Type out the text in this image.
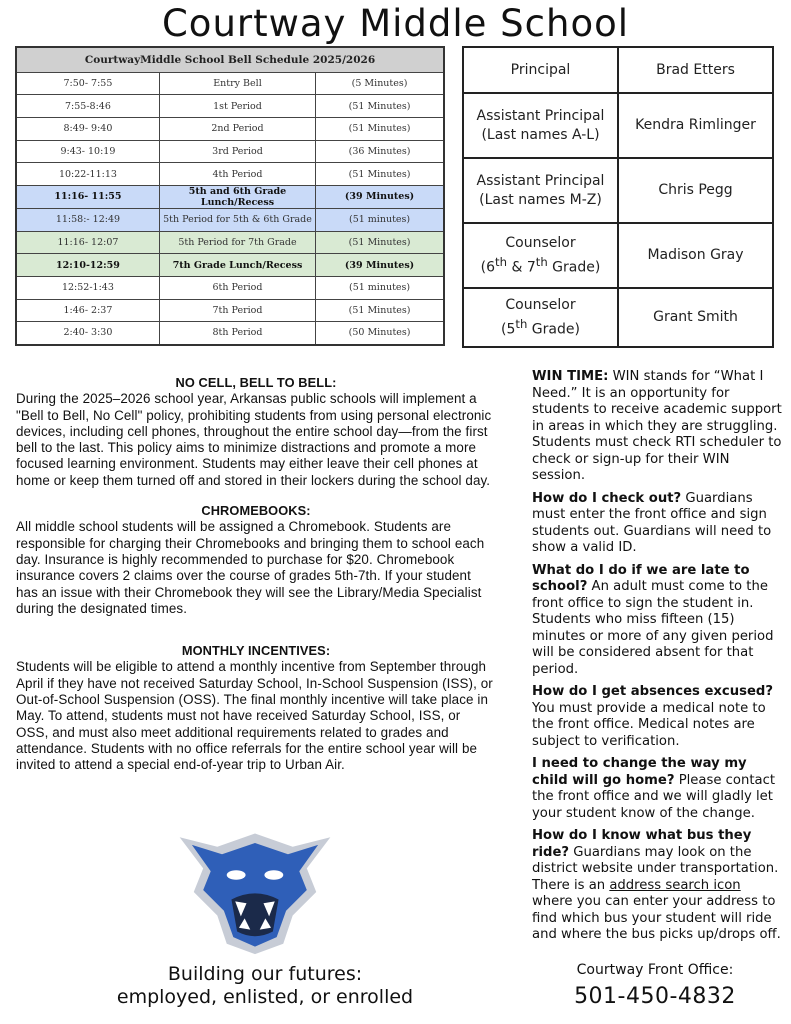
Courtway Middle School
CourtwayMiddle School Bell Schedule 2025/2026		
7:50- 7:55	Entry Bell	(5 Minutes)
7:55-8:46	1st Period	(51 Minutes)
8:49- 9:40	2nd Period	(51 Minutes)
9:43- 10:19	3rd Period	(36 Minutes)
10:22-11:13	4th Period	(51 Minutes)
11:16- 11:55	5th and 6th Grade Lunch/Recess	(39 Minutes)
11:58:- 12:49	5th Period for 5th & 6th Grade	(51 minutes)
11:16- 12:07	5th Period for 7th Grade	(51 Minutes)
12:10-12:59	7th Grade Lunch/Recess	(39 Minutes)
12:52-1:43	6th Period	(51 minutes)
1:46- 2:37	7th Period	(51 Minutes)
2:40- 3:30	8th Period	(50 Minutes)
Principal	Brad Etters
Assistant Principal
(Last names A-L)	Kendra Rimlinger
Assistant Principal
(Last names M-Z)	Chris Pegg
Counselor
(6th & 7th Grade)	Madison Gray
Counselor
(5th Grade)	Grant Smith
NO CELL, BELL TO BELL:

During the 2025–2026 school year, Arkansas public schools will implement a "Bell to Bell, No Cell" policy, prohibiting students from using personal electronic devices, including cell phones, throughout the entire school day—from the first bell to the last. This policy aims to minimize distractions and promote a more focused learning environment. Students may either leave their cell phones at home or keep them turned off and stored in their lockers during the school day.

CHROMEBOOKS:

All middle school students will be assigned a Chromebook. Students are responsible for charging their Chromebooks and bringing them to school each day. Insurance is highly recommended to purchase for $20. Chromebook insurance covers 2 claims over the course of grades 5th-7th. If your student has an issue with their Chromebook they will see the Library/Media Specialist during the designated times.

MONTHLY INCENTIVES:

Students will be eligible to attend a monthly incentive from September through April if they have not received Saturday School, In-School Suspension (ISS), or Out-of-School Suspension (OSS). The final monthly incentive will take place in May. To attend, students must not have received Saturday School, ISS, or OSS, and must also meet additional requirements related to grades and attendance. Students with no office referrals for the entire school year will be invited to attend a special end-of-year trip to Urban Air.

WIN TIME: WIN stands for “What I Need.” It is an opportunity for students to receive academic support in areas in which they are struggling. Students must check RTI scheduler to check or sign-up for their WIN session.

How do I check out? Guardians must enter the front office and sign students out. Guardians will need to show a valid ID.

What do I do if we are late to school? An adult must come to the front office to sign the student in. Students who miss fifteen (15) minutes or more of any given period will be considered absent for that period.

How do I get absences excused? You must provide a medical note to the front office. Medical notes are subject to verification.

I need to change the way my child will go home? Please contact the front office and we will gladly let your student know of the change.

How do I know what bus they ride? Guardians may look on the district website under transportation. There is an address search icon where you can enter your address to find which bus your student will ride and where the bus picks up/drops off.

Building our futures:
employed, enlisted, or enrolled
Courtway Front Office:
501-450-4832
